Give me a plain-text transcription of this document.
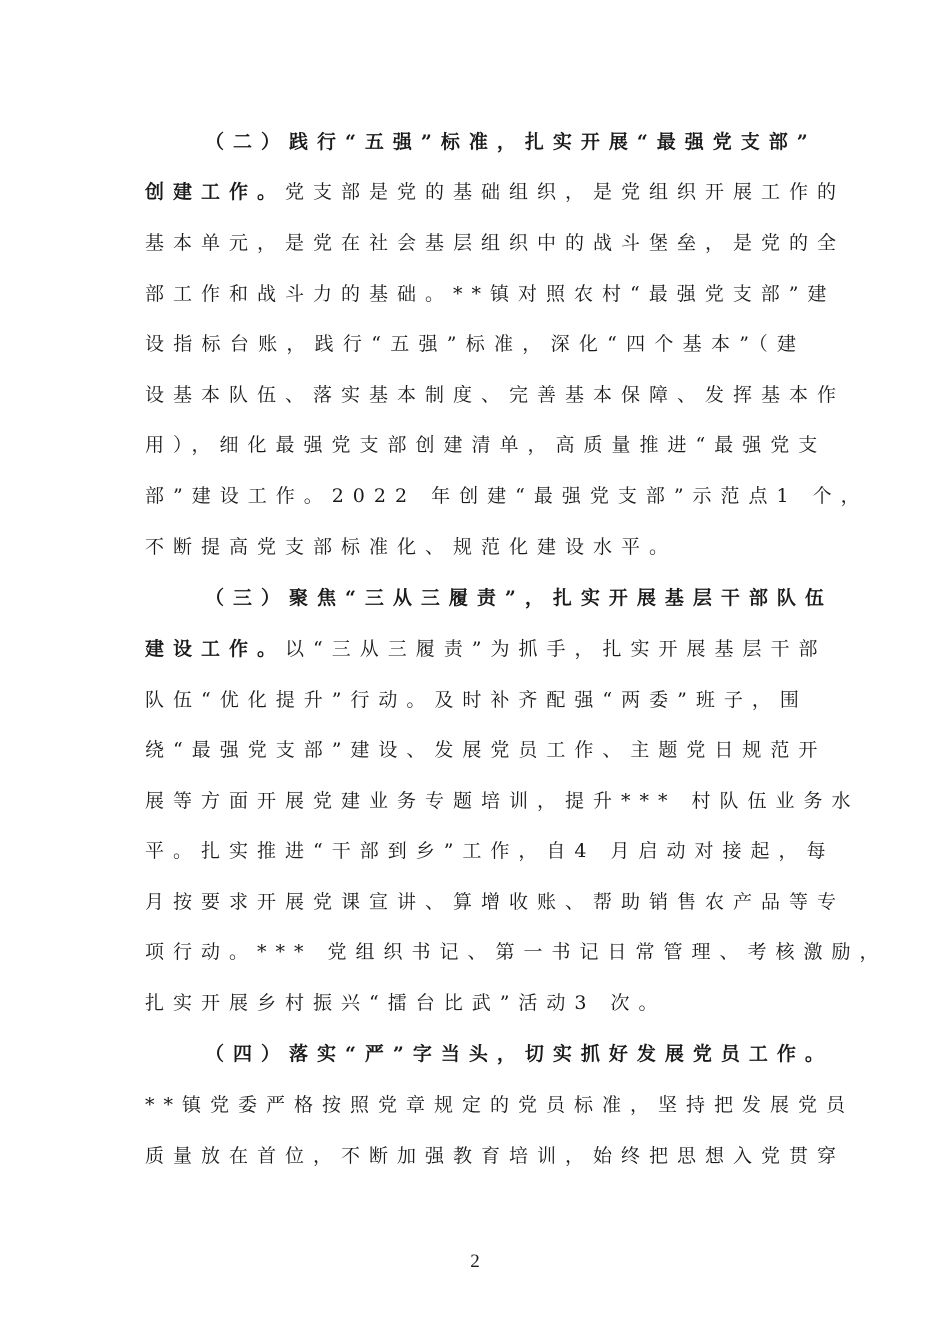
（二）践行“五强”标准，扎实开展“最强党支部”
创建工作。党支部是党的基础组织，是党组织开展工作的
基本单元，是党在社会基层组织中的战斗堡垒，是党的全
部工作和战斗力的基础。**镇对照农村“最强党支部”建
设指标台账，践行“五强”标准，深化“四个基本”（建
设基本队伍、落实基本制度、完善基本保障、发挥基本作
用），细化最强党支部创建清单，高质量推进“最强党支
部”建设工作。2022 年创建“最强党支部”示范点1 个，
不断提高党支部标准化、规范化建设水平。
（三）聚焦“三从三履责”，扎实开展基层干部队伍
建设工作。以“三从三履责”为抓手，扎实开展基层干部
队伍“优化提升”行动。及时补齐配强“两委”班子，围
绕“最强党支部”建设、发展党员工作、主题党日规范开
展等方面开展党建业务专题培训，提升*** 村队伍业务水
平。扎实推进“干部到乡”工作，自4 月启动对接起，每
月按要求开展党课宣讲、算增收账、帮助销售农产品等专
项行动。*** 党组织书记、第一书记日常管理、考核激励，
扎实开展乡村振兴“擂台比武”活动3 次。
（四）落实“严”字当头，切实抓好发展党员工作。
**镇党委严格按照党章规定的党员标准，坚持把发展党员
质量放在首位，不断加强教育培训，始终把思想入党贯穿
2
